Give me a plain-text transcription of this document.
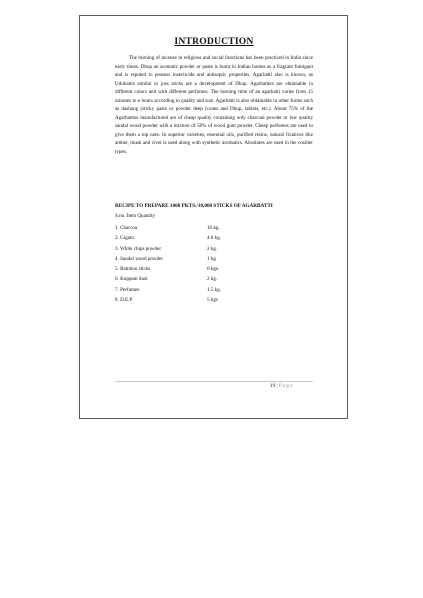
INTRODUCTION

The burning of incense in religious and social functions has been practiced in India since early times. Dhup an aromatic powder or paste is burnt in Indian homes as a fragrant fumigant and is reputed to possess insecticide and antiseptic properties. Agarbatti also is known, as Udubattis similar to joss sticks are a development of Dhup. Agarbatties are obtainable in different colors and with different perfumes. The burning time of an agarbatti varies from 15 minutes to e hours according to quality and size. Agarbatti is also obtainable in other forms such as dashang (sticky paste or powder deep (cones and Dhup, tablets, etc.). About 75% of the Agarbatties manufactured are of cheap quality containing only charcoal powder or low quality sandal wood powder with a mixture of 50% of wood gum powder. Cheap perfumes are used to give them a top note. In superior varieties, essential oils, purified resins, natural fixatives like amber, musk and civet is used along with synthetic aromatics. Absolutes are used in the costlier types.

RECIPE TO PREPARE 1000 PKTS./10,000 STICKS OF AGARBATTI
S.no. Item Quantity
1. Charcoa	16 kg.
2. Gigatu	4.8 kg.
3. White chips powder	2 kg.
4. Sandal wood powder	1 kg
5. Bamboo sticks	6 kgs.
6. Kuppam dust	2 kg.
7. Perfumes	1.5 kg.
8. D.E.P.	5 kgs
19 | P a g e
